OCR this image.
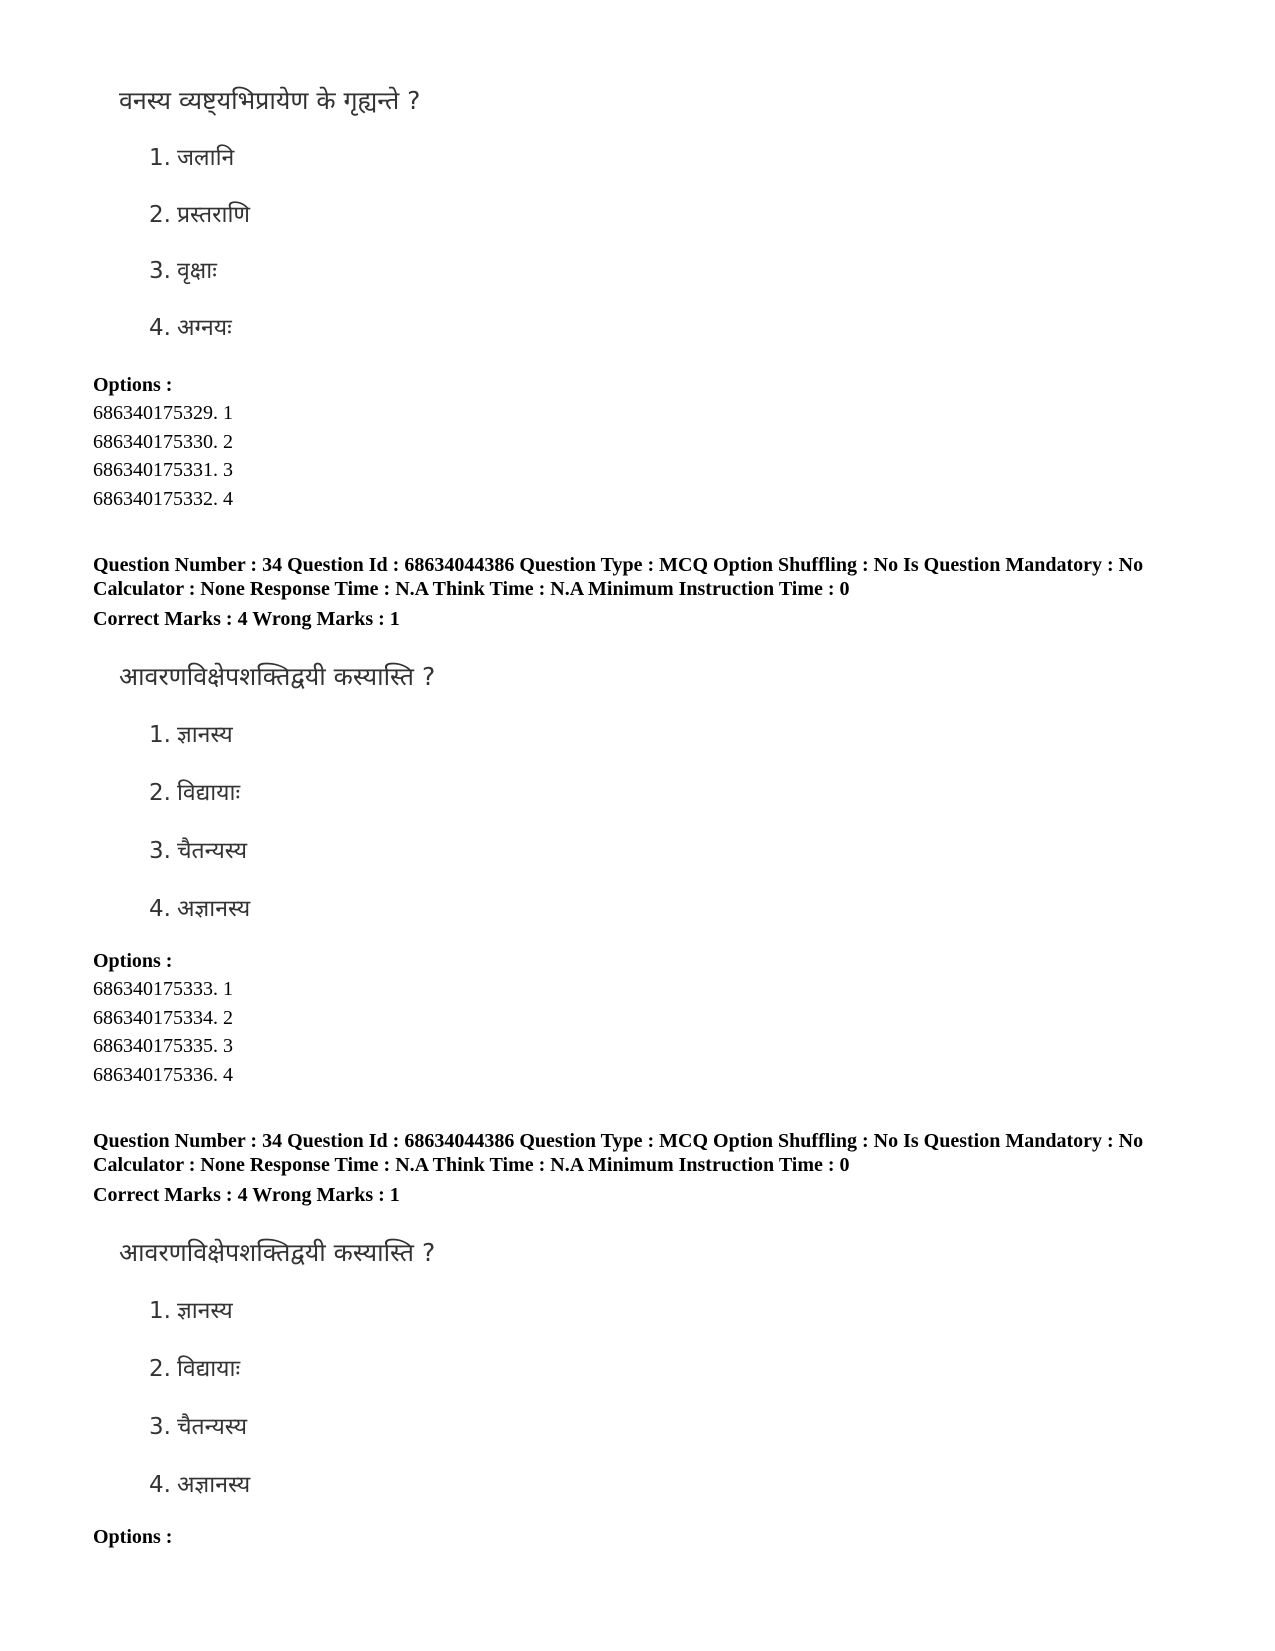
वनस्य व्यष्ट्यभिप्रायेण के गृह्यन्ते ?
1. जलानि
2. प्रस्तराणि
3. वृक्षाः
4. अग्नयः
Options :
686340175329. 1
686340175330. 2
686340175331. 3
686340175332. 4
Question Number : 34 Question Id : 68634044386 Question Type : MCQ Option Shuffling : No Is Question Mandatory : No Calculator : None Response Time : N.A Think Time : N.A Minimum Instruction Time : 0
Correct Marks : 4 Wrong Marks : 1
आवरणविक्षेपशक्तिद्वयी कस्यास्ति ?
1. ज्ञानस्य
2. विद्यायाः
3. चैतन्यस्य
4. अज्ञानस्य
Options :
686340175333. 1
686340175334. 2
686340175335. 3
686340175336. 4
Question Number : 34 Question Id : 68634044386 Question Type : MCQ Option Shuffling : No Is Question Mandatory : No Calculator : None Response Time : N.A Think Time : N.A Minimum Instruction Time : 0
Correct Marks : 4 Wrong Marks : 1
आवरणविक्षेपशक्तिद्वयी कस्यास्ति ?
1. ज्ञानस्य
2. विद्यायाः
3. चैतन्यस्य
4. अज्ञानस्य
Options :
